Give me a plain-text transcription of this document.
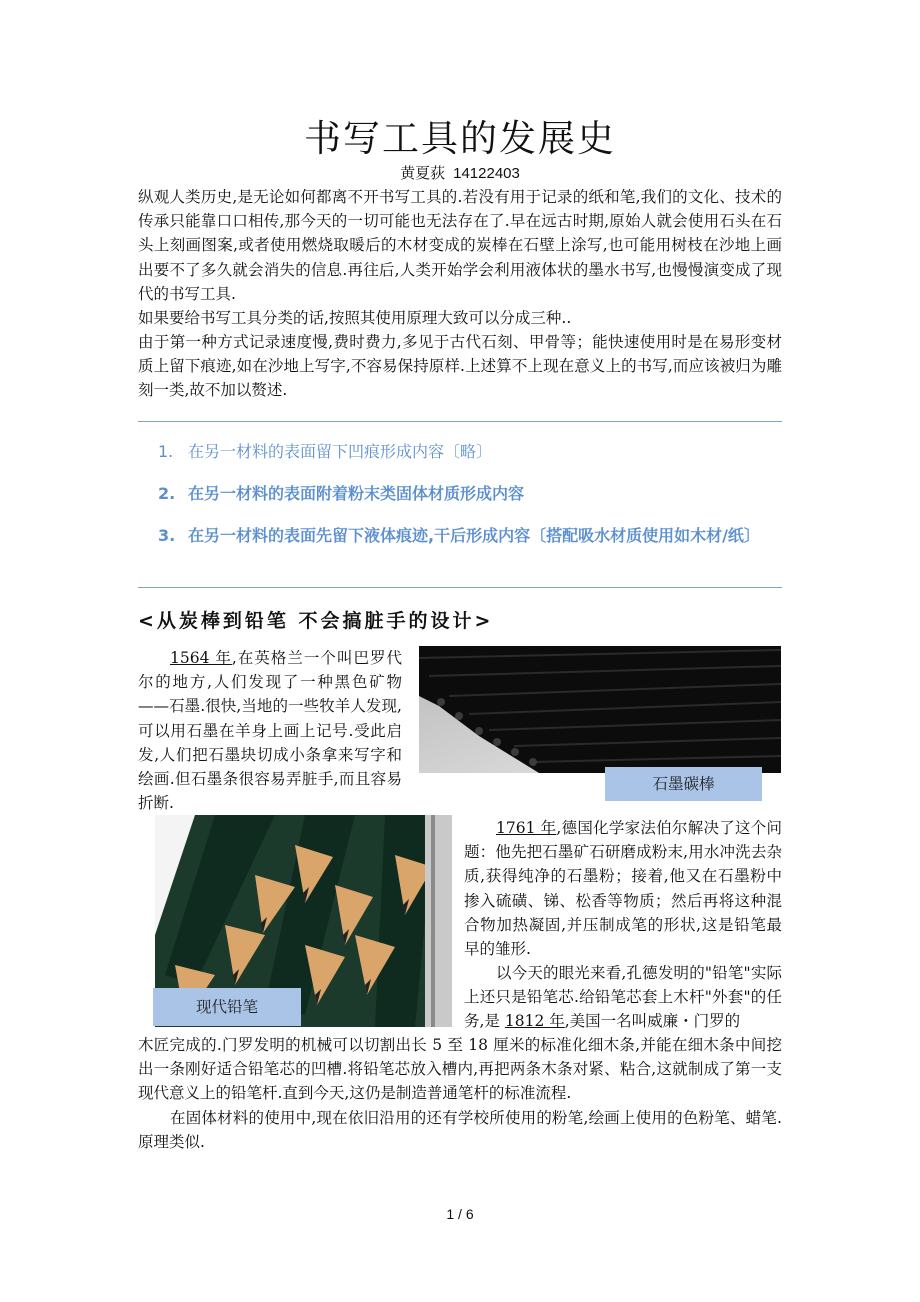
书写工具的发展史
黄夏荻 14122403
纵观人类历史,是无论如何都离不开书写工具的.若没有用于记录的纸和笔,我们的文化、技术的传承只能靠口口相传,那今天的一切可能也无法存在了.早在远古时期,原始人就会使用石头在石头上刻画图案,或者使用燃烧取暖后的木材变成的炭棒在石壁上涂写,也可能用树枝在沙地上画出要不了多久就会消失的信息.再往后,人类开始学会利用液体状的墨水书写,也慢慢演变成了现代的书写工具.
如果要给书写工具分类的话,按照其使用原理大致可以分成三种..
由于第一种方式记录速度慢,费时费力,多见于古代石刻、甲骨等；能快速使用时是在易形变材质上留下痕迹,如在沙地上写字,不容易保持原样.上述算不上现在意义上的书写,而应该被归为雕刻一类,故不加以赘述.
1. 在另一材料的表面留下凹痕形成内容〔略〕
2. 在另一材料的表面附着粉末类固体材质形成内容
3. 在另一材料的表面先留下液体痕迹,干后形成内容〔搭配吸水材质使用如木材/纸〕
<从炭棒到铅笔 不会搞脏手的设计>
1564 年,在英格兰一个叫巴罗代尔的地方,人们发现了一种黑色矿物——石墨.很快,当地的一些牧羊人发现,可以用石墨在羊身上画上记号.受此启发,人们把石墨块切成小条拿来写字和绘画.但石墨条很容易弄脏手,而且容易折断.
石墨碳棒
现代铅笔
1761 年,德国化学家法伯尔解决了这个问题：他先把石墨矿石研磨成粉末,用水冲洗去杂质,获得纯净的石墨粉；接着,他又在石墨粉中掺入硫磺、锑、松香等物质；然后再将这种混合物加热凝固,并压制成笔的形状,这是铅笔最早的雏形.
以今天的眼光来看,孔德发明的"铅笔"实际上还只是铅笔芯.给铅笔芯套上木杆"外套"的任务,是 1812 年,美国一名叫威廉・门罗的
木匠完成的.门罗发明的机械可以切割出长 5 至 18 厘米的标准化细木条,并能在细木条中间挖出一条刚好适合铅笔芯的凹槽.将铅笔芯放入槽内,再把两条木条对紧、粘合,这就制成了第一支现代意义上的铅笔杆.直到今天,这仍是制造普通笔杆的标准流程.
在固体材料的使用中,现在依旧沿用的还有学校所使用的粉笔,绘画上使用的色粉笔、蜡笔.原理类似.
1 / 6
